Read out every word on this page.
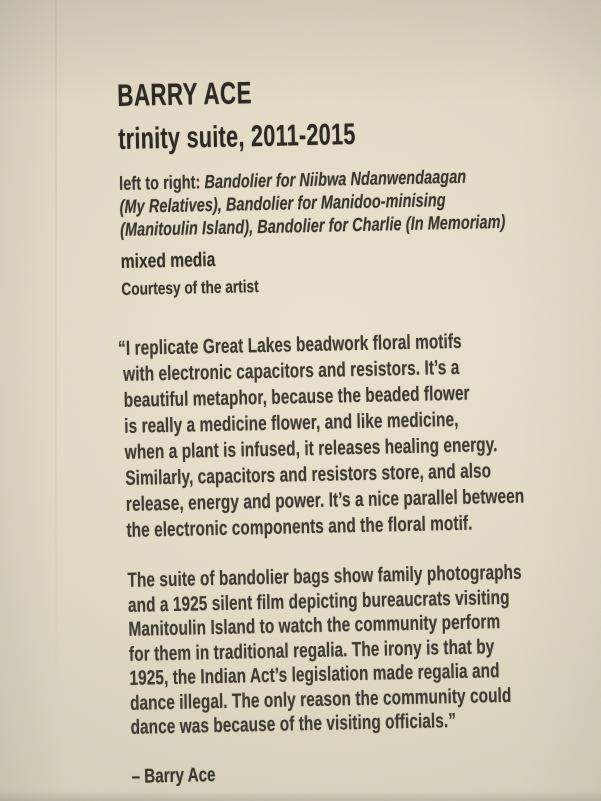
BARRY ACE
trinity suite, 2011-2015
left to right: Bandolier for Niibwa Ndanwendaagan
(My Relatives), Bandolier for Manidoo-minising
(Manitoulin Island), Bandolier for Charlie (In Memoriam)
mixed media
Courtesy of the artist
“I replicate Great Lakes beadwork floral motifs
with electronic capacitors and resistors. It’s a
beautiful metaphor, because the beaded flower
is really a medicine flower, and like medicine,
when a plant is infused, it releases healing energy.
Similarly, capacitors and resistors store, and also
release, energy and power. It’s a nice parallel between
the electronic components and the floral motif.
The suite of bandolier bags show family photographs
and a 1925 silent film depicting bureaucrats visiting
Manitoulin Island to watch the community perform
for them in traditional regalia. The irony is that by
1925, the Indian Act’s legislation made regalia and
dance illegal. The only reason the community could
dance was because of the visiting officials.”
– Barry Ace
